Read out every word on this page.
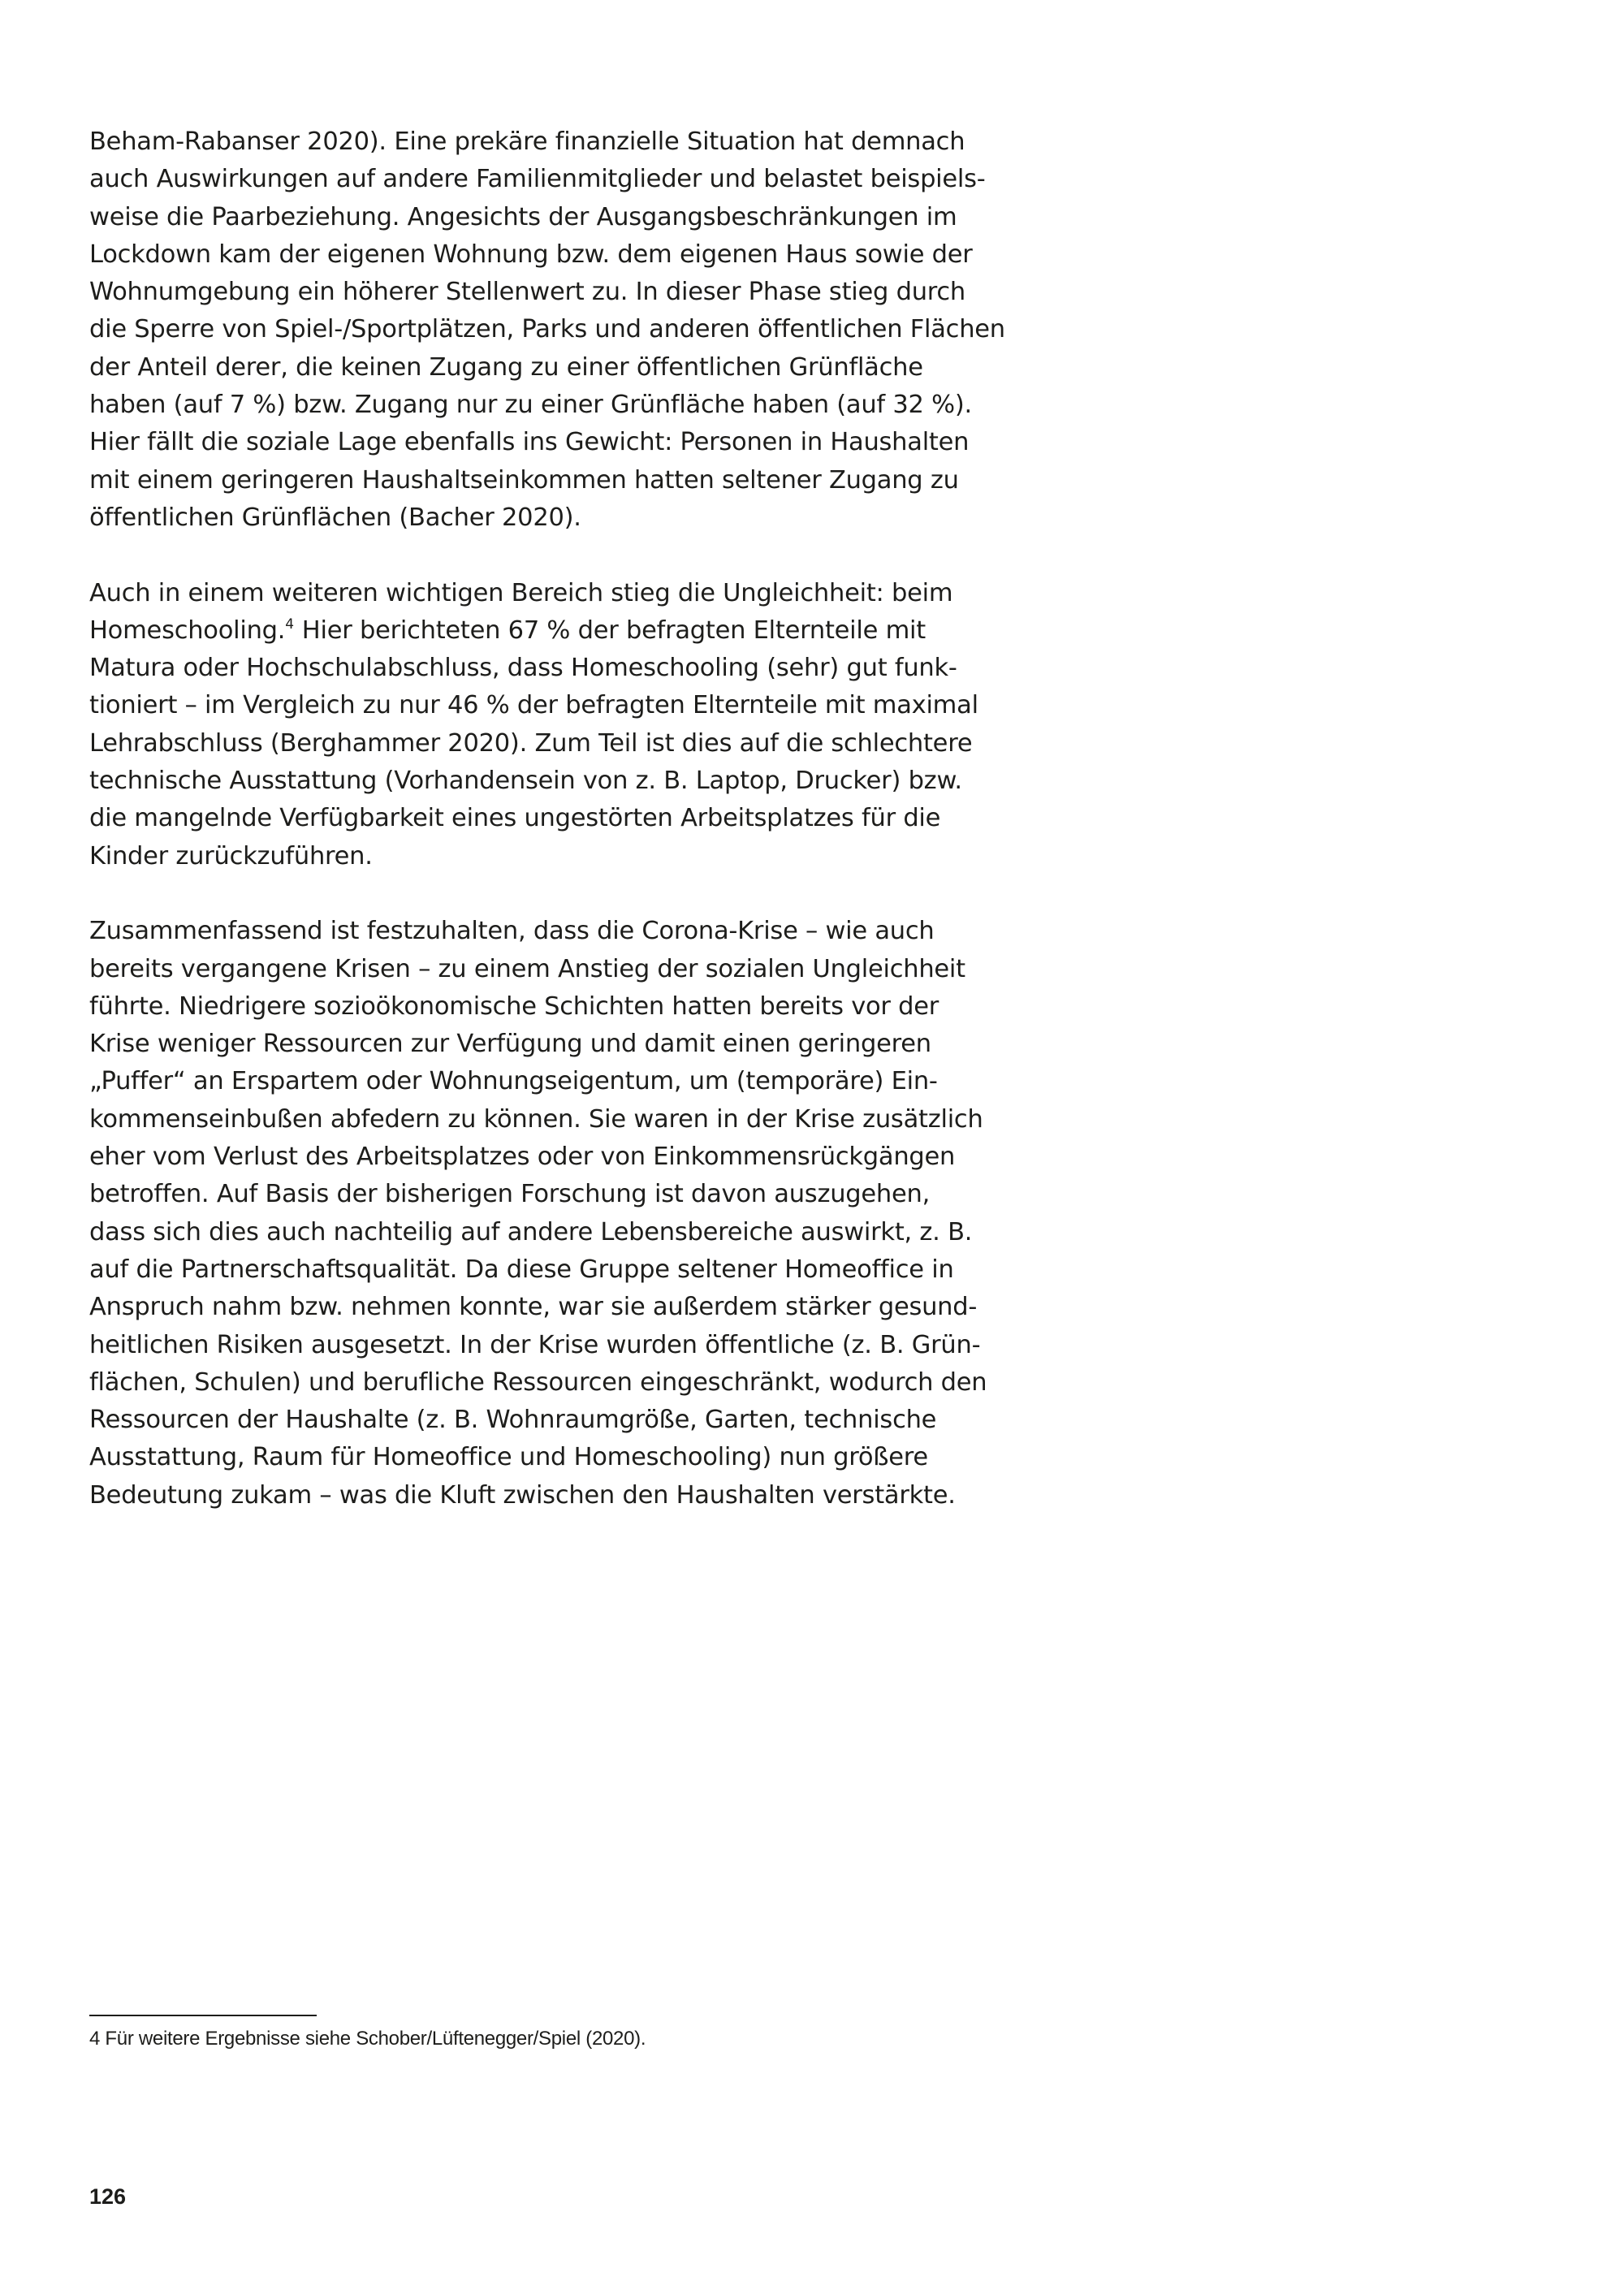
Beham-Rabanser 2020). Eine prekäre finanzielle Situation hat demnach
auch Auswirkungen auf andere Familienmitglieder und belastet beispiels-
weise die Paarbeziehung. Angesichts der Ausgangsbeschränkungen im
Lockdown kam der eigenen Wohnung bzw. dem eigenen Haus sowie der
Wohnumgebung ein höherer Stellenwert zu. In dieser Phase stieg durch
die Sperre von Spiel-/Sportplätzen, Parks und anderen öffentlichen Flächen
der Anteil derer, die keinen Zugang zu einer öffentlichen Grünfläche
haben (auf 7 %) bzw. Zugang nur zu einer Grünfläche haben (auf 32 %).
Hier fällt die soziale Lage ebenfalls ins Gewicht: Personen in Haushalten
mit einem geringeren Haushaltseinkommen hatten seltener Zugang zu
öffentlichen Grünflächen (Bacher 2020).

Auch in einem weiteren wichtigen Bereich stieg die Ungleichheit: beim
Homeschooling.$^4$ Hier berichteten 67 % der befragten Elternteile mit
Matura oder Hochschulabschluss, dass Homeschooling (sehr) gut funk-
tioniert – im Vergleich zu nur 46 % der befragten Elternteile mit maximal
Lehrabschluss (Berghammer 2020). Zum Teil ist dies auf die schlechtere
technische Ausstattung (Vorhandensein von z. B. Laptop, Drucker) bzw.
die mangelnde Verfügbarkeit eines ungestörten Arbeitsplatzes für die
Kinder zurückzuführen.

Zusammenfassend ist festzuhalten, dass die Corona-Krise – wie auch
bereits vergangene Krisen – zu einem Anstieg der sozialen Ungleichheit
führte. Niedrigere sozioökonomische Schichten hatten bereits vor der
Krise weniger Ressourcen zur Verfügung und damit einen geringeren
„Puffer“ an Erspartem oder Wohnungseigentum, um (temporäre) Ein-
kommenseinbußen abfedern zu können. Sie waren in der Krise zusätzlich
eher vom Verlust des Arbeitsplatzes oder von Einkommensrückgängen
betroffen. Auf Basis der bisherigen Forschung ist davon auszugehen,
dass sich dies auch nachteilig auf andere Lebensbereiche auswirkt, z. B.
auf die Partnerschaftsqualität. Da diese Gruppe seltener Homeoffice in
Anspruch nahm bzw. nehmen konnte, war sie außerdem stärker gesund-
heitlichen Risiken ausgesetzt. In der Krise wurden öffentliche (z. B. Grün-
flächen, Schulen) und berufliche Ressourcen eingeschränkt, wodurch den
Ressourcen der Haushalte (z. B. Wohnraumgröße, Garten, technische
Ausstattung, Raum für Homeoffice und Homeschooling) nun größere
Bedeutung zukam – was die Kluft zwischen den Haushalten verstärkte.

4 Für weitere Ergebnisse siehe Schober/Lüftenegger/Spiel (2020).
126
